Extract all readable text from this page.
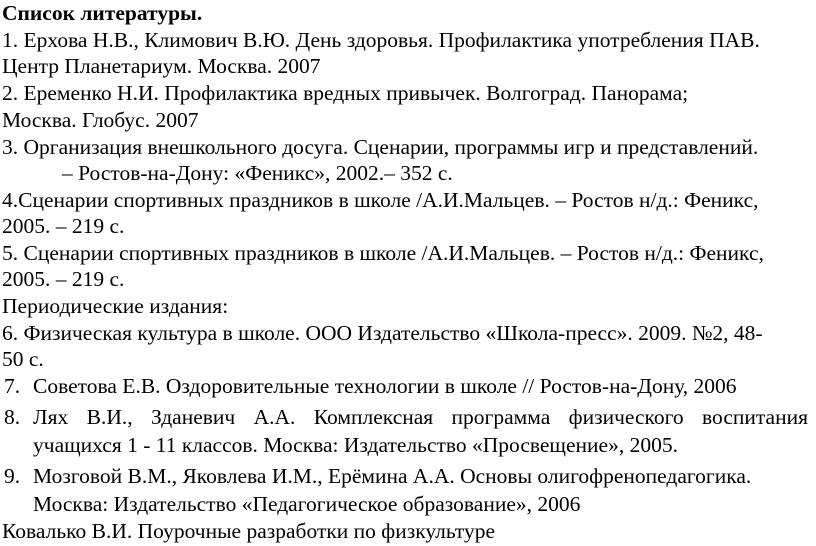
Список литературы.
1. Ерхова Н.В., Климович В.Ю. День здоровья. Профилактика употребления ПАВ.
Центр Планетариум. Москва. 2007
2. Еременко Н.И. Профилактика вредных привычек. Волгоград. Панорама;
Москва. Глобус. 2007
3. Организация внешкольного досуга. Сценарии, программы игр и представлений.
– Ростов-на-Дону: «Феникс», 2002.– 352 с.
4.Сценарии спортивных праздников в школе /А.И.Мальцев. – Ростов н/д.: Феникс,
2005. – 219 с.
5. Сценарии спортивных праздников в школе /А.И.Мальцев. – Ростов н/д.: Феникс,
2005. – 219 с.
Периодические издания:
6. Физическая культура в школе. ООО Издательство «Школа-пресс». 2009. №2, 48-
50 с.
7. Советова Е.В. Оздоровительные технологии в школе // Ростов-на-Дону, 2006
8. Лях В.И., Зданевич А.А. Комплексная программа физического воспитания
учащихся 1 - 11 классов. Москва: Издательство «Просвещение», 2005.
9. Мозговой В.М., Яковлева И.М., Ерёмина А.А. Основы олигофренопедагогика.
Москва: Издательство «Педагогическое образование», 2006
Ковалько В.И. Поурочные разработки по физкультуре
